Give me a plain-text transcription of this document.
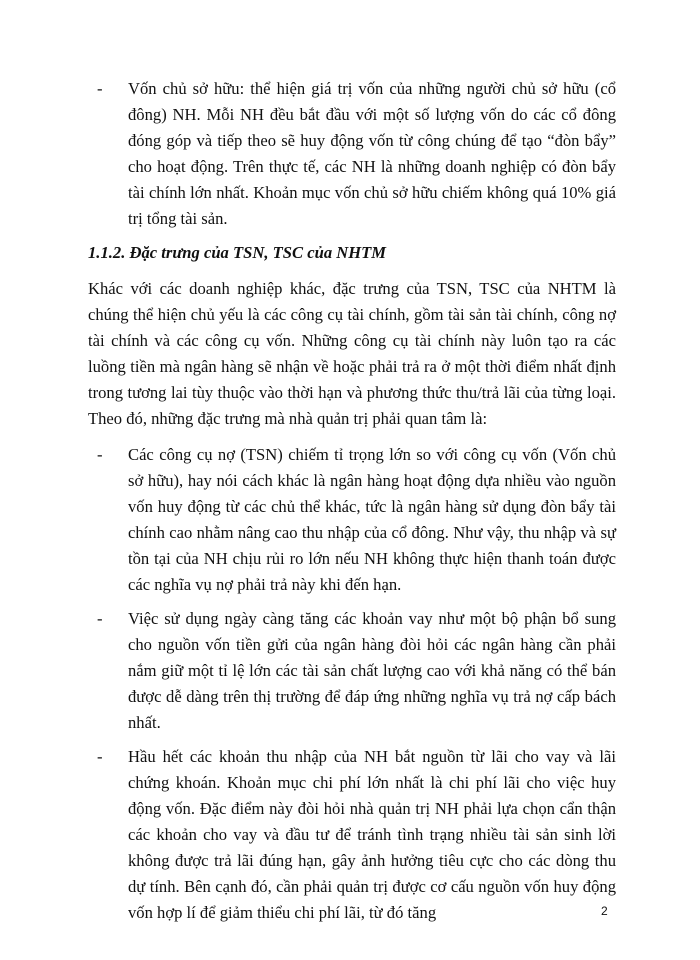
- Vốn chủ sở hữu: thể hiện giá trị vốn của những người chủ sở hữu (cổ đông) NH. Mỗi NH đều bắt đầu với một số lượng vốn do các cổ đông đóng góp và tiếp theo sẽ huy động vốn từ công chúng để tạo “đòn bẩy” cho hoạt động. Trên thực tế, các NH là những doanh nghiệp có đòn bẩy tài chính lớn nhất. Khoản mục vốn chủ sở hữu chiếm không quá 10% giá trị tổng tài sản.
1.1.2. Đặc trưng của TSN, TSC của NHTM
Khác với các doanh nghiệp khác, đặc trưng của TSN, TSC của NHTM là chúng thể hiện chủ yếu là các công cụ tài chính, gồm tài sản tài chính, công nợ tài chính và các công cụ vốn. Những công cụ tài chính này luôn tạo ra các luồng tiền mà ngân hàng sẽ nhận về hoặc phải trả ra ở một thời điểm nhất định trong tương lai tùy thuộc vào thời hạn và phương thức thu/trả lãi của từng loại. Theo đó, những đặc trưng mà nhà quản trị phải quan tâm là:
- Các công cụ nợ (TSN) chiếm tỉ trọng lớn so với công cụ vốn (Vốn chủ sở hữu), hay nói cách khác là ngân hàng hoạt động dựa nhiều vào nguồn vốn huy động từ các chủ thể khác, tức là ngân hàng sử dụng đòn bẩy tài chính cao nhằm nâng cao thu nhập của cổ đông. Như vậy, thu nhập và sự tồn tại của NH chịu rủi ro lớn nếu NH không thực hiện thanh toán được các nghĩa vụ nợ phải trả này khi đến hạn.
- Việc sử dụng ngày càng tăng các khoản vay như một bộ phận bổ sung cho nguồn vốn tiền gửi của ngân hàng đòi hỏi các ngân hàng cần phải nắm giữ một tỉ lệ lớn các tài sản chất lượng cao với khả năng có thể bán được dễ dàng trên thị trường để đáp ứng những nghĩa vụ trả nợ cấp bách nhất.
- Hầu hết các khoản thu nhập của NH bắt nguồn từ lãi cho vay và lãi chứng khoán. Khoản mục chi phí lớn nhất là chi phí lãi cho việc huy động vốn. Đặc điểm này đòi hỏi nhà quản trị NH phải lựa chọn cẩn thận các khoản cho vay và đầu tư để tránh tình trạng nhiều tài sản sinh lời không được trả lãi đúng hạn, gây ảnh hưởng tiêu cực cho các dòng thu dự tính. Bên cạnh đó, cần phải quản trị được cơ cấu nguồn vốn huy động vốn hợp lí để giảm thiểu chi phí lãi, từ đó tăng	2
